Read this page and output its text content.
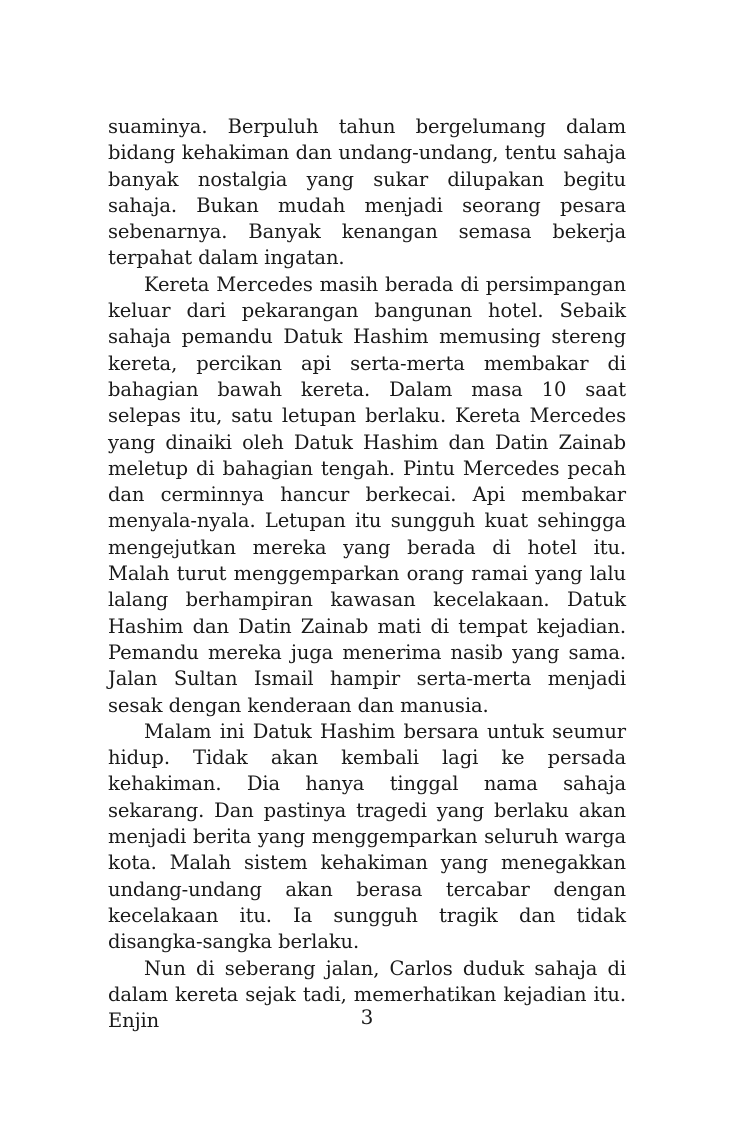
suaminya. Berpuluh tahun bergelumang dalam bidang kehakiman dan undang-undang, tentu sahaja banyak nostalgia yang sukar dilupakan begitu sahaja. Bukan mudah menjadi seorang pesara sebenarnya. Banyak kenangan semasa bekerja terpahat dalam ingatan.

Kereta Mercedes masih berada di persimpangan keluar dari pekarangan bangunan hotel. Sebaik sahaja pemandu Datuk Hashim memusing stereng kereta, percikan api serta-merta membakar di bahagian bawah kereta. Dalam masa 10 saat selepas itu, satu letupan berlaku. Kereta Mercedes yang dinaiki oleh Datuk Hashim dan Datin Zainab meletup di bahagian tengah. Pintu Mercedes pecah dan cerminnya hancur berkecai. Api membakar menyala-nyala. Letupan itu sungguh kuat sehingga mengejutkan mereka yang berada di hotel itu. Malah turut menggemparkan orang ramai yang lalu lalang berhampiran kawasan kecelakaan. Datuk Hashim dan Datin Zainab mati di tempat kejadian. Pemandu mereka juga menerima nasib yang sama. Jalan Sultan Ismail hampir serta-merta menjadi sesak dengan kenderaan dan manusia.

Malam ini Datuk Hashim bersara untuk seumur hidup. Tidak akan kembali lagi ke persada kehakiman. Dia hanya tinggal nama sahaja sekarang. Dan pastinya tragedi yang berlaku akan menjadi berita yang menggemparkan seluruh warga kota. Malah sistem kehakiman yang menegakkan undang-undang akan berasa tercabar dengan kecelakaan itu. Ia sungguh tragik dan tidak disangka-sangka berlaku.

Nun di seberang jalan, Carlos duduk sahaja di dalam kereta sejak tadi, memerhatikan kejadian itu. Enjin	3
